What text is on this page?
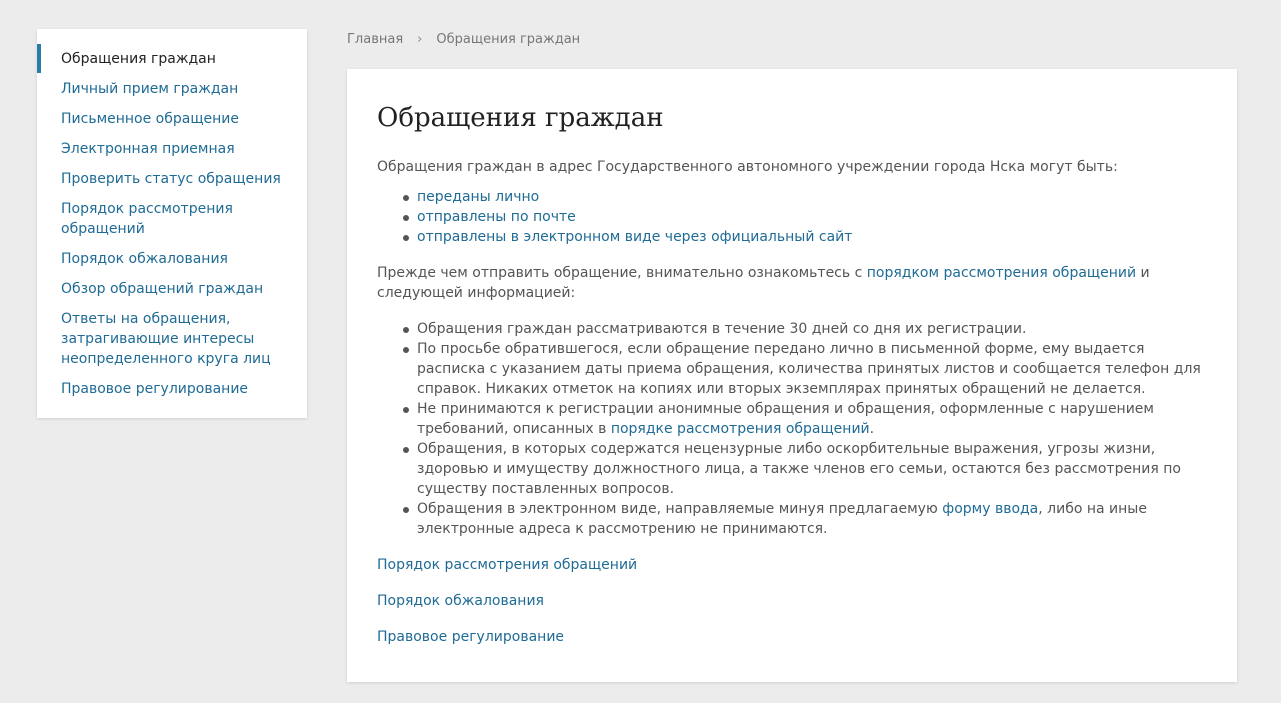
Обращения граждан
Личный прием граждан
Письменное обращение
Электронная приемная
Проверить статус обращения
Порядок рассмотрения обращений
Порядок обжалования
Обзор обращений граждан
Ответы на обращения, затрагивающие интересы неопределенного круга лиц
Правовое регулирование
Главная › Обращения граждан
Обращения граждан

Обращения граждан в адрес Государственного автономного учреждении города Нска могут быть:

переданы лично
отправлены по почте
отправлены в электронном виде через официальный сайт

Прежде чем отправить обращение, внимательно ознакомьтесь с порядком рассмотрения обращений и следующей информацией:

Обращения граждан рассматриваются в течение 30 дней со дня их регистрации.
По просьбе обратившегося, если обращение передано лично в письменной форме, ему выдается расписка с указанием даты приема обращения, количества принятых листов и сообщается телефон для справок. Никаких отметок на копиях или вторых экземплярах принятых обращений не делается.
Не принимаются к регистрации анонимные обращения и обращения, оформленные с нарушением требований, описанных в порядке рассмотрения обращений.
Обращения, в которых содержатся нецензурные либо оскорбительные выражения, угрозы жизни, здоровью и имуществу должностного лица, а также членов его семьи, остаются без рассмотрения по существу поставленных вопросов.
Обращения в электронном виде, направляемые минуя предлагаемую форму ввода, либо на иные электронные адреса к рассмотрению не принимаются.
Порядок рассмотрения обращений
Порядок обжалования
Правовое регулирование
